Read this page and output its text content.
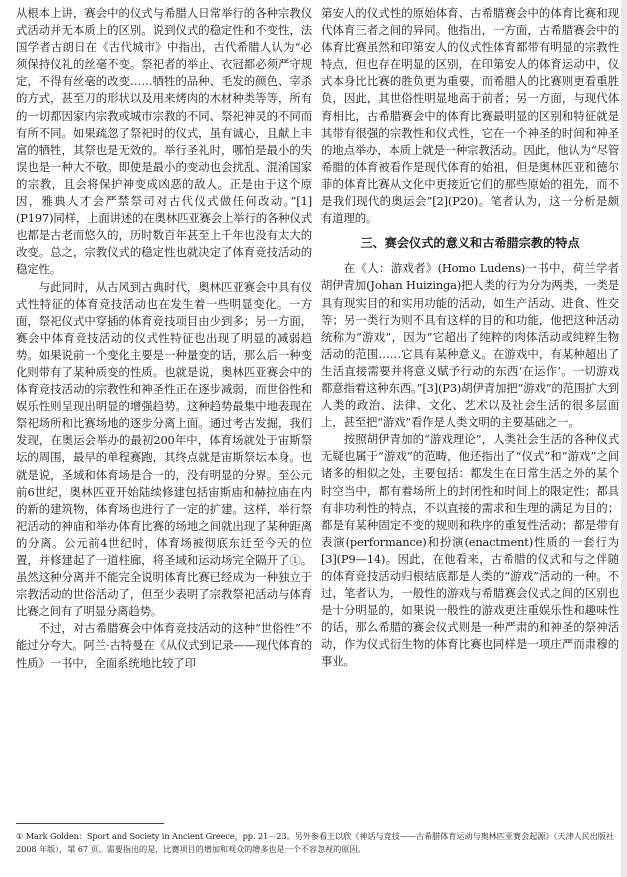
从根本上讲，赛会中的仪式与希腊人日常举行的各种宗教仪式活动并无本质上的区别。说到仪式的稳定性和不变性，法国学者古朗日在《古代城市》中指出，古代希腊人认为“必须保持仪礼的丝毫不变。祭祀者的举止、衣冠都必须严守规定，不得有丝毫的改变……牺牲的品种、毛发的颜色、宰杀的方式，甚至刀的形状以及用来烤肉的木材种类等等，所有的一切都因家内宗教或城市宗教的不同、祭祀神灵的不同而有所不同。如果疏忽了祭祀时的仪式，虽有诚心，且献上丰富的牺牲，其祭也是无效的。举行圣礼时，哪怕是最小的失误也是一种大不敬。即使是最小的变动也会扰乱、混淆国家的宗教，且会将保护神变成凶恶的敌人。正是由于这个原因，雅典人才会严禁祭司对古代仪式做任何改动。”[1](P197)同样，上面讲述的在奥林匹亚赛会上举行的各种仪式也都是古老而悠久的，历时数百年甚至上千年也没有太大的改变。总之，宗教仪式的稳定性也就决定了体育竞技活动的稳定性。

与此同时，从古风到古典时代，奥林匹亚赛会中具有仪式性特征的体育竞技活动也在发生着一些明显变化。一方面，祭祀仪式中穿插的体育竞技项目由少到多；另一方面，赛会中体育竞技活动的仪式性特征也出现了明显的减弱趋势。如果说前一个变化主要是一种量变的话，那么后一种变化则带有了某种质变的性质。也就是说，奥林匹亚赛会中的体育竞技活动的宗教性和神圣性正在逐步减弱，而世俗性和娱乐性则呈现出明显的增强趋势。这种趋势最集中地表现在祭祀场所和比赛场地的逐步分离上面。通过考古发掘，我们发现，在奥运会举办的最初200年中，体育场就处于宙斯祭坛的周围，最早的单程赛跑，其终点就是宙斯祭坛本身。也就是说，圣域和体育场是合一的，没有明显的分界。至公元前6世纪，奥林匹亚开始陆续修建包括宙斯庙和赫拉庙在内的新的建筑物，体育场也进行了一定的扩建。这样，举行祭祀活动的神庙和举办体育比赛的场地之间就出现了某种距离的分离。公元前4世纪时，体育场被彻底东迁至今天的位置，并修建起了一道柱廊，将圣域和运动场完全隔开了①。虽然这种分离并不能完全说明体育比赛已经成为一种独立于宗教活动的世俗活动了，但至少表明了宗教祭祀活动与体育比赛之间有了明显分离趋势。

不过，对古希腊赛会中体育竞技活动的这种“世俗性”不能过分夸大。阿兰·古特曼在《从仪式到记录——现代体育的性质》一书中，全面系统地比较了印

第安人的仪式性的原始体育、古希腊赛会中的体育比赛和现代体育三者之间的异同。他指出，一方面，古希腊赛会中的体育比赛虽然和印第安人的仪式性体育都带有明显的宗教性特点，但也存在明显的区别，在印第安人的体育运动中，仪式本身比比赛的胜负更为重要，而希腊人的比赛则更看重胜负，因此，其世俗性明显地高于前者；另一方面，与现代体育相比，古希腊赛会中的体育比赛最明显的区别和特征就是其带有很强的宗教性和仪式性，它在一个神圣的时间和神圣的地点举办，本质上就是一种宗教活动。因此，他认为“尽管希腊的体育被看作是现代体育的始祖，但是奥林匹亚和德尔菲的体育比赛从文化中更接近它们的那些原始的祖先，而不是我们现代的奥运会”[2](P20)。笔者认为，这一分析是颇有道理的。

三、赛会仪式的意义和古希腊宗教的特点

在《人：游戏者》(Homo Ludens)一书中，荷兰学者胡伊青加(Johan Huizinga)把人类的行为分为两类，一类是具有现实目的和实用功能的活动，如生产活动、进食、性交等；另一类行为则不具有这样的目的和功能，他把这种活动统称为“游戏”，因为“它超出了纯粹的肉体活动或纯粹生物活动的范围……它具有某种意义。在游戏中，有某种超出了生活直接需要并将意义赋予行动的东西‘在运作’。一切游戏都意指着这种东西。”[3](P3)胡伊青加把“游戏”的范围扩大到人类的政治、法律、文化、艺术以及社会生活的很多层面上，甚至把“游戏”看作是人类文明的主要基础之一。

按照胡伊青加的“游戏理论”，人类社会生活的各种仪式无疑也属于“游戏”的范畴，他还指出了“仪式”和“游戏”之间诸多的相似之处，主要包括：都发生在日常生活之外的某个时空当中，都有着场所上的封闭性和时间上的限定性；都具有非功利性的特点，不以直接的需求和生理的满足为目的；都是有某种固定不变的规则和秩序的重复性活动；都是带有表演(performance)和扮演(enactment)性质的一套行为[3](P9—14)。因此，在他看来，古希腊的仪式和与之伴随的体育竞技活动归根结底都是人类的“游戏”活动的一种。不过，笔者认为，一般性的游戏与希腊赛会仪式之间的区别也是十分明显的，如果说一般性的游戏更注重娱乐性和趣味性的话，那么希腊的赛会仪式则是一种严肃的和神圣的祭神活动，作为仪式衍生物的体育比赛也同样是一项庄严而肃穆的事业。

① Mark Golden：Sport and Society in Ancient Greece，pp. 21－23。另外参看王以欣《神话与竞技——古希腊体育运动与奥林匹亚赛会起源》（天津人民出版社 2008 年版），第 67 页。需要指出的是，比赛项目的增加和观众的增多也是一个不容忽视的原因。
